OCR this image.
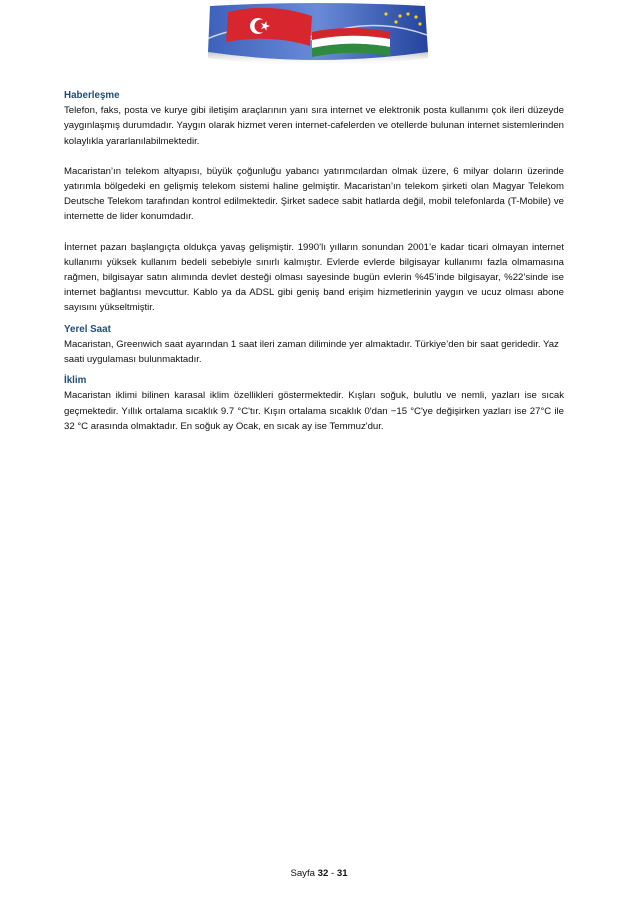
Haberleşme

Telefon, faks, posta ve kurye gibi iletişim araçlarının yanı sıra internet ve elektronik posta kullanımı çok ileri düzeyde yaygınlaşmış durumdadır. Yaygın olarak hizmet veren internet-cafelerden ve otellerde bulunan internet sistemlerinden kolaylıkla yararlanılabilmektedir.

Macaristan’ın telekom altyapısı, büyük çoğunluğu yabancı yatırımcılardan olmak üzere, 6 milyar doların üzerinde yatırımla bölgedeki en gelişmiş telekom sistemi haline gelmiştir. Macaristan’ın telekom şirketi olan Magyar Telekom Deutsche Telekom tarafından kontrol edilmektedir. Şirket sadece sabit hatlarda değil, mobil telefonlarda (T-Mobile) ve internette de lider konumdadır.

İnternet pazarı başlangıçta oldukça yavaş gelişmiştir. 1990’lı yılların sonundan 2001’e kadar ticari olmayan internet kullanımı yüksek kullanım bedeli sebebiyle sınırlı kalmıştır. Evlerde evlerde bilgisayar kullanımı fazla olmamasına rağmen, bilgisayar satın alımında devlet desteği olması sayesinde bugün evlerin %45’inde bilgisayar, %22’sinde ise internet bağlantısı mevcuttur. Kablo ya da ADSL gibi geniş band erişim hizmetlerinin yaygın ve ucuz olması abone sayısını yükseltmiştir.

Yerel Saat

Macaristan, Greenwich saat ayarından 1 saat ileri zaman diliminde yer almaktadır. Türkiye’den bir saat geridedir. Yaz saati uygulaması bulunmaktadır.

İklim

Macaristan iklimi bilinen karasal iklim özellikleri göstermektedir. Kışları soğuk, bulutlu ve nemli, yazları ise sıcak geçmektedir. Yıllık ortalama sıcaklık 9.7 °C'tır. Kışın ortalama sıcaklık 0'dan −15 °C'ye değişirken yazları ise 27°C ile 32 °C arasında olmaktadır. En soğuk ay Ocak, en sıcak ay ise Temmuz'dur.

Sayfa 32 - 31
